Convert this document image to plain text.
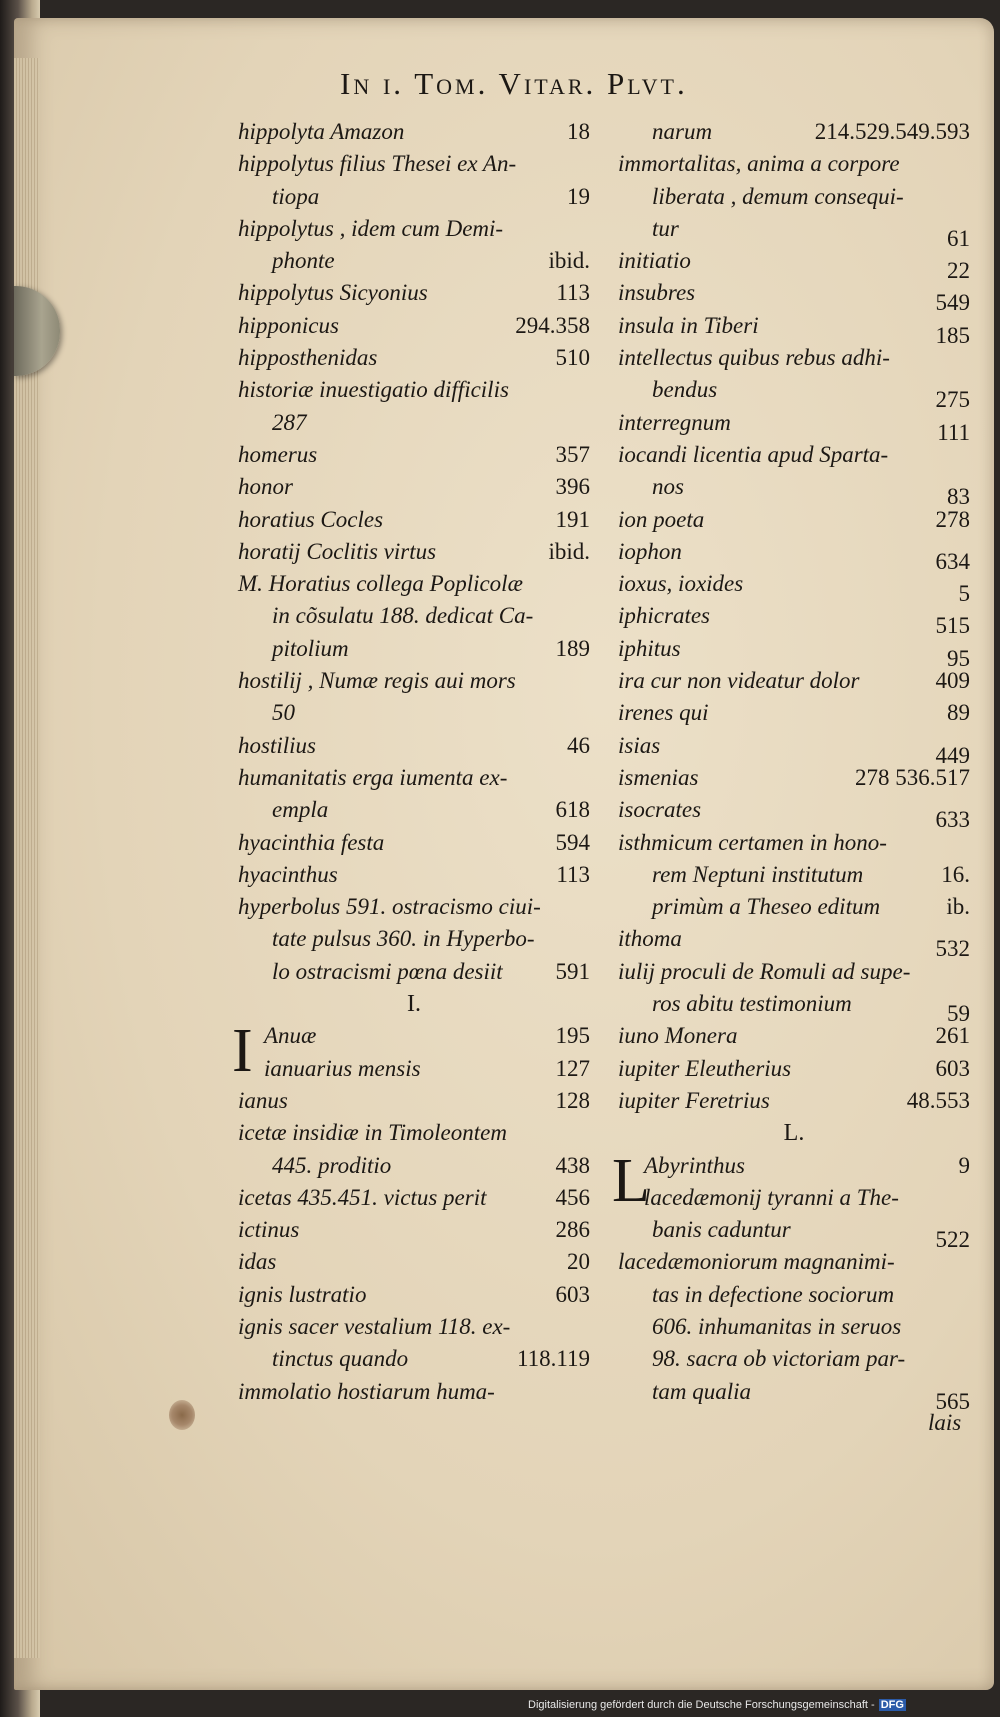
In i. Tom. Vitar. Plvt.
hippolyta Amazon	18
hippolytus filius Thesei ex An-
tiopa	19
hippolytus , idem cum Demi-
phonte	ibid.
hippolytus Sicyonius	113
hipponicus	294.358
hipposthenidas	510
historiæ inuestigatio difficilis
287
homerus	357
honor	396
horatius Cocles	191
horatij Coclitis virtus	ibid.
M. Horatius collega Poplicolæ
in cõsulatu 188. dedicat Ca-
pitolium	189
hostilij , Numæ regis aui mors
50
hostilius	46
humanitatis erga iumenta ex-
empla	618
hyacinthia festa	594
hyacinthus	113
hyperbolus 591. ostracismo ciui-
tate pulsus 360. in Hyperbo-
lo ostracismi pœna desiit 591
I.
I Anuæ	195
ianuarius mensis	127
ianus	128
icetæ insidiæ in Timoleontem
445. proditio	438
icetas 435.451. victus perit	456
ictinus	286
idas	20
ignis lustratio	603
ignis sacer vestalium 118. ex-
tinctus quando	118.119
immolatio hostiarum huma-
narum	214.529.549.593
immortalitas, anima a corpore
liberata , demum consequi-
tur	61
initiatio	22
insubres	549
insula in Tiberi	185
intellectus quibus rebus adhi-
bendus	275
interregnum	111
iocandi licentia apud Sparta-
nos	83
ion poeta	278
iophon	634
ioxus, ioxides	5
iphicrates	515
iphitus	95
ira cur non videatur dolor	409
irenes qui	89
isias	449
ismenias	278 536.517
isocrates	633
isthmicum certamen in hono-
rem Neptuni institutum	16.
primùm a Theseo editum	ib.
ithoma	532
iulij proculi de Romuli ad supe-
ros abitu testimonium	59
iuno Monera	261
iupiter Eleutherius	603
iupiter Feretrius	48.553
L.
L
Abyrinthus	9
lacedæmonij tyranni a The-
banis caduntur	522
lacedæmoniorum magnanimi-
tas in defectione sociorum
606. inhumanitas in seruos
98. sacra ob victoriam par-
tam qualia	565
lais
Digitalisierung gefördert durch die Deutsche Forschungsgemeinschaft - DFG
